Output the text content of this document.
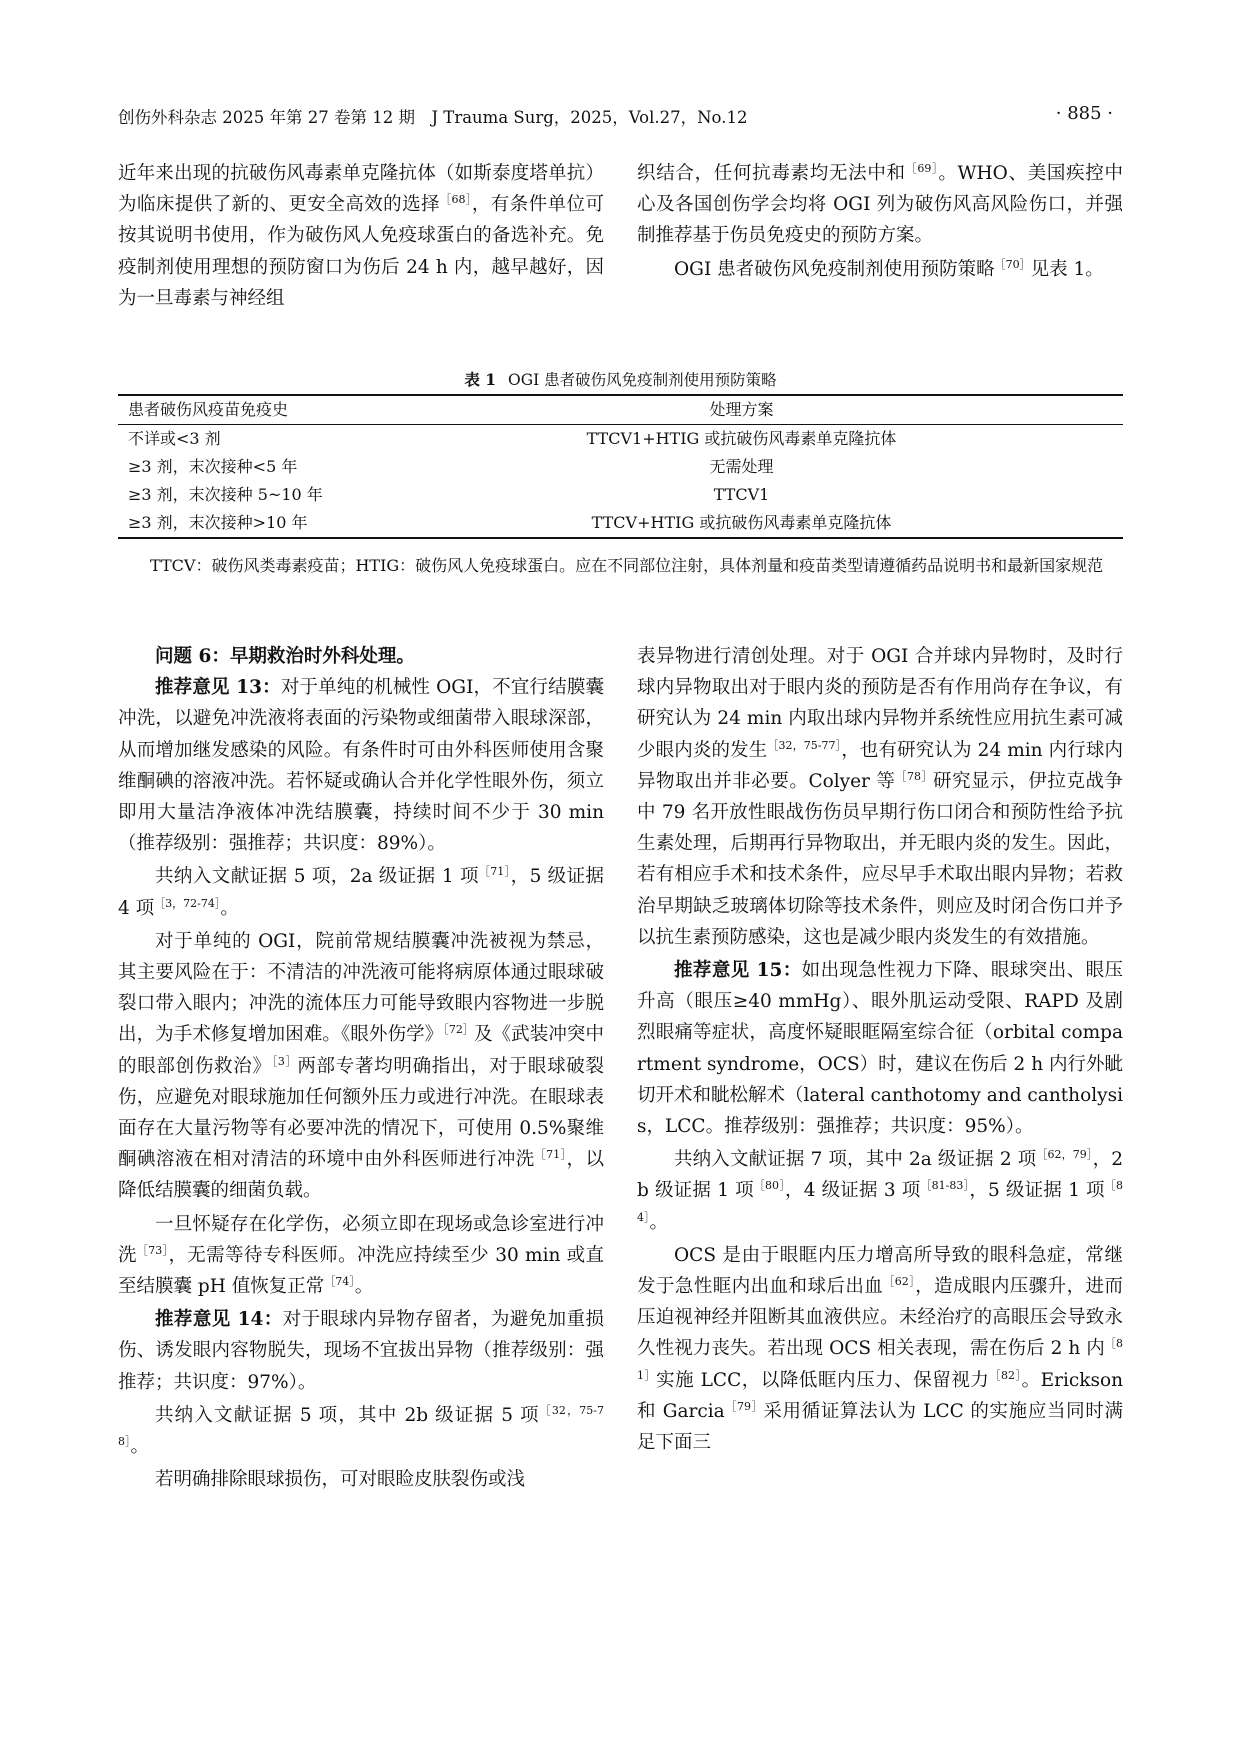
创伤外科杂志 2025 年第 27 卷第 12 期　J Trauma Surg，2025，Vol.27，No.12	· 885 ·

近年来出现的抗破伤风毒素单克隆抗体（如斯泰度塔单抗）为临床提供了新的、更安全高效的选择$^{[68]}$，有条件单位可按其说明书使用，作为破伤风人免疫球蛋白的备选补充。免疫制剂使用理想的预防窗口为伤后 24 h 内，越早越好，因为一旦毒素与神经组

织结合，任何抗毒素均无法中和$^{[69]}$。WHO、美国疾控中心及各国创伤学会均将 OGI 列为破伤风高风险伤口，并强制推荐基于伤员免疫史的预防方案。

OGI 患者破伤风免疫制剂使用预防策略$^{[70]}$见表 1。

表 1 OGI 患者破伤风免疫制剂使用预防策略
患者破伤风疫苗免疫史	处理方案
不详或<3 剂	TTCV1+HTIG 或抗破伤风毒素单克隆抗体
≥3 剂，末次接种<5 年	无需处理
≥3 剂，末次接种 5~10 年	TTCV1
≥3 剂，末次接种>10 年	TTCV+HTIG 或抗破伤风毒素单克隆抗体

TTCV：破伤风类毒素疫苗；HTIG：破伤风人免疫球蛋白。应在不同部位注射，具体剂量和疫苗类型请遵循药品说明书和最新国家规范

问题 6：早期救治时外科处理。

推荐意见 13：对于单纯的机械性 OGI，不宜行结膜囊冲洗，以避免冲洗液将表面的污染物或细菌带入眼球深部，从而增加继发感染的风险。有条件时可由外科医师使用含聚维酮碘的溶液冲洗。若怀疑或确认合并化学性眼外伤，须立即用大量洁净液体冲洗结膜囊，持续时间不少于 30 min（推荐级别：强推荐；共识度：89%）。

共纳入文献证据 5 项，2a 级证据 1 项$^{[71]}$，5 级证据 4 项$^{[3,72-74]}$。

对于单纯的 OGI，院前常规结膜囊冲洗被视为禁忌，其主要风险在于：不清洁的冲洗液可能将病原体通过眼球破裂口带入眼内；冲洗的流体压力可能导致眼内容物进一步脱出，为手术修复增加困难。《眼外伤学》$^{[72]}$及《武装冲突中的眼部创伤救治》$^{[3]}$两部专著均明确指出，对于眼球破裂伤，应避免对眼球施加任何额外压力或进行冲洗。在眼球表面存在大量污物等有必要冲洗的情况下，可使用 0.5%聚维酮碘溶液在相对清洁的环境中由外科医师进行冲洗$^{[71]}$，以降低结膜囊的细菌负载。

一旦怀疑存在化学伤，必须立即在现场或急诊室进行冲洗$^{[73]}$，无需等待专科医师。冲洗应持续至少 30 min 或直至结膜囊 pH 值恢复正常$^{[74]}$。

推荐意见 14：对于眼球内异物存留者，为避免加重损伤、诱发眼内容物脱失，现场不宜拔出异物（推荐级别：强推荐；共识度：97%）。

共纳入文献证据 5 项，其中 2b 级证据 5 项$^{[32,75-78]}$。

若明确排除眼球损伤，可对眼睑皮肤裂伤或浅

表异物进行清创处理。对于 OGI 合并球内异物时，及时行球内异物取出对于眼内炎的预防是否有作用尚存在争议，有研究认为 24 min 内取出球内异物并系统性应用抗生素可减少眼内炎的发生$^{[32,75-77]}$，也有研究认为 24 min 内行球内异物取出并非必要。Colyer 等$^{[78]}$研究显示，伊拉克战争中 79 名开放性眼战伤伤员早期行伤口闭合和预防性给予抗生素处理，后期再行异物取出，并无眼内炎的发生。因此，若有相应手术和技术条件，应尽早手术取出眼内异物；若救治早期缺乏玻璃体切除等技术条件，则应及时闭合伤口并予以抗生素预防感染，这也是减少眼内炎发生的有效措施。

推荐意见 15：如出现急性视力下降、眼球突出、眼压升高（眼压≥40 mmHg）、眼外肌运动受限、RAPD 及剧烈眼痛等症状，高度怀疑眼眶隔室综合征（orbital compartment syndrome，OCS）时，建议在伤后 2 h 内行外眦切开术和眦松解术（lateral canthotomy and cantholysis，LCC。推荐级别：强推荐；共识度：95%）。

共纳入文献证据 7 项，其中 2a 级证据 2 项$^{[62,79]}$，2b 级证据 1 项$^{[80]}$，4 级证据 3 项$^{[81-83]}$，5 级证据 1 项$^{[84]}$。

OCS 是由于眼眶内压力增高所导致的眼科急症，常继发于急性眶内出血和球后出血$^{[62]}$，造成眼内压骤升，进而压迫视神经并阻断其血液供应。未经治疗的高眼压会导致永久性视力丧失。若出现 OCS 相关表现，需在伤后 2 h 内$^{[81]}$实施 LCC，以降低眶内压力、保留视力$^{[82]}$。Erickson 和 Garcia$^{[79]}$采用循证算法认为 LCC 的实施应当同时满足下面三
